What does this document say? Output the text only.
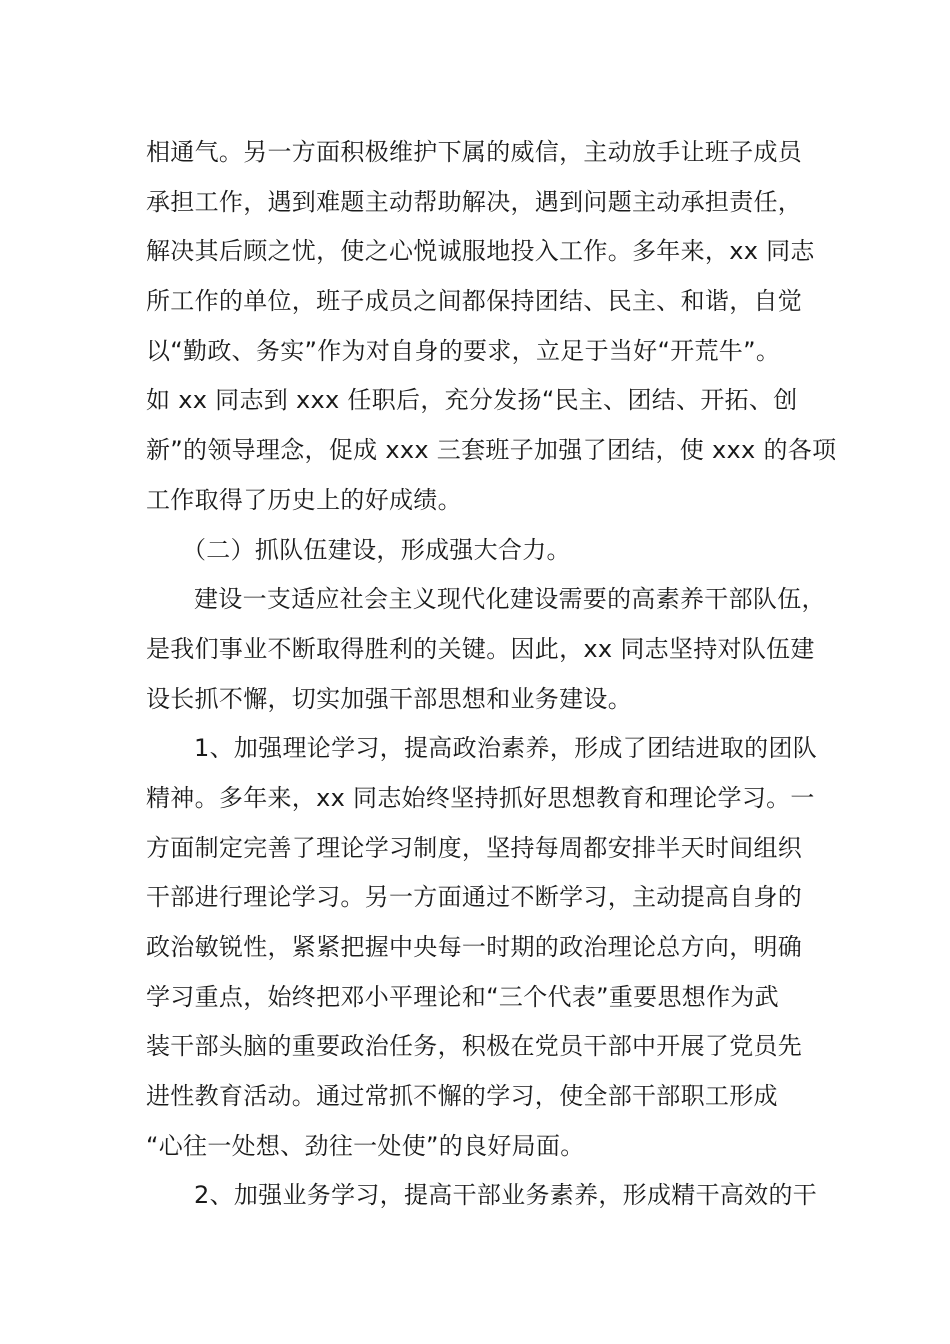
相通气。另一方面积极维护下属的威信，主动放手让班子成员
承担工作，遇到难题主动帮助解决，遇到问题主动承担责任，
解决其后顾之忧，使之心悦诚服地投入工作。多年来，xx 同志
所工作的单位，班子成员之间都保持团结、民主、和谐，自觉
以“勤政、务实”作为对自身的要求，立足于当好“开荒牛”。
如 xx 同志到 xxx 任职后，充分发扬“民主、团结、开拓、创
新”的领导理念，促成 xxx 三套班子加强了团结，使 xxx 的各项
工作取得了历史上的好成绩。
（二）抓队伍建设，形成强大合力。
建设一支适应社会主义现代化建设需要的高素养干部队伍，
是我们事业不断取得胜利的关键。因此，xx 同志坚持对队伍建
设长抓不懈，切实加强干部思想和业务建设。
1、加强理论学习，提高政治素养，形成了团结进取的团队
精神。多年来，xx 同志始终坚持抓好思想教育和理论学习。一
方面制定完善了理论学习制度，坚持每周都安排半天时间组织
干部进行理论学习。另一方面通过不断学习，主动提高自身的
政治敏锐性，紧紧把握中央每一时期的政治理论总方向，明确
学习重点，始终把邓小平理论和“三个代表”重要思想作为武
装干部头脑的重要政治任务，积极在党员干部中开展了党员先
进性教育活动。通过常抓不懈的学习，使全部干部职工形成
“心往一处想、劲往一处使”的良好局面。
2、加强业务学习，提高干部业务素养，形成精干高效的干
